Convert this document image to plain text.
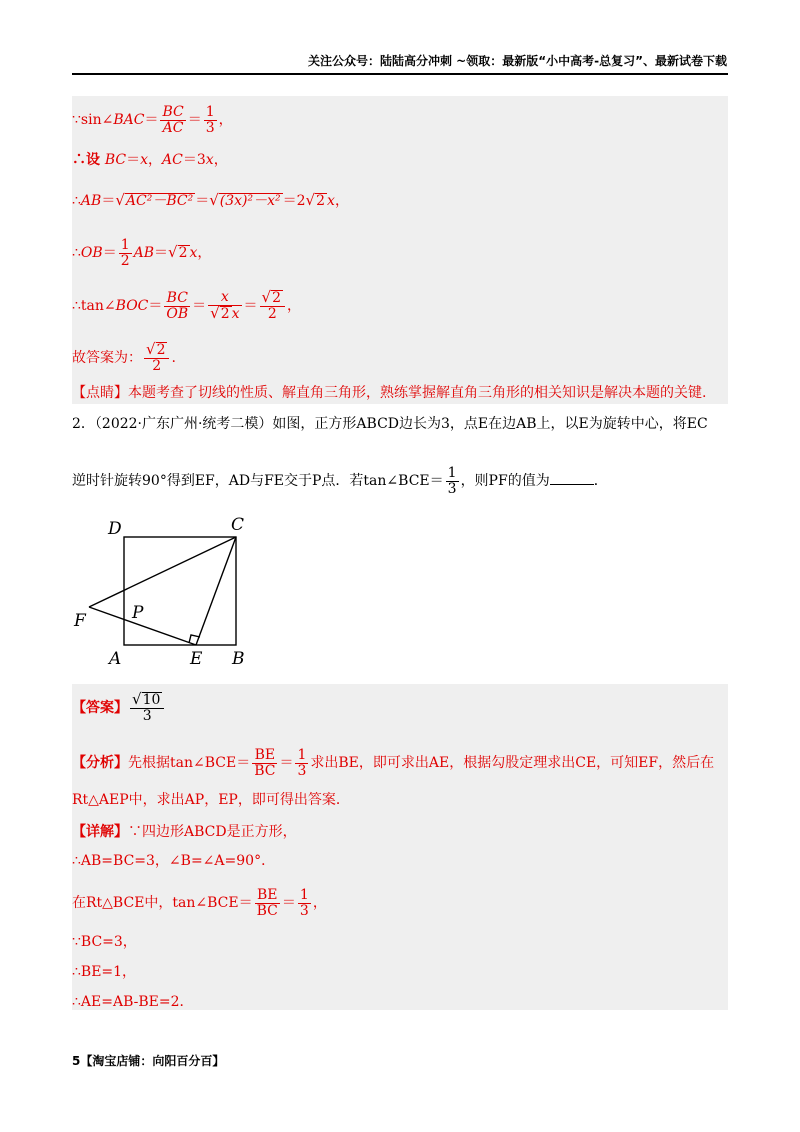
关注公众号：陆陆高分冲刺 ~领取：最新版“小中高考-总复习”、最新试卷下载
∵sin∠BAC＝ $\frac{BC}{AC} = \frac{1}{3}$ ，
∴设 BC＝x，AC＝3x，
∴AB＝√AC²－BC² ＝√(3x)²－x² ＝2√2 x，
∴OB＝ $\frac{1}{2} AB=√2$ x，
∴tan∠BOC＝ $\frac{BC}{OB} = \frac{x}{√2 x} = \frac{√2}{2}$ ，
故答案为： $\frac{√2}{2}$ .
【点睛】本题考查了切线的性质、解直角三角形，熟练掌握解直角三角形的相关知识是解决本题的关键.
2．（2022·广东广州·统考二模）如图，正方形ABCD边长为3，点E在边AB上，以E为旋转中心，将EC
逆时针旋转90°得到EF，AD与FE交于P点．若tan∠BCE＝ $\frac{1}{3}$ ，则PF的值为	．
D	C
F	P
A	E B
【答案】 $\frac{√10}{3}$
【分析】先根据tan∠BCE＝ $\frac{BE}{BC} = \frac{1}{3}$ 求出BE，即可求出AE，根据勾股定理求出CE，可知EF，然后在
Rt△AEP中，求出AP，EP，即可得出答案．
【详解】∵四边形ABCD是正方形，
∴AB=BC=3，∠B=∠A=90°．
在Rt△BCE中，tan∠BCE＝ $\frac{BE}{BC} = \frac{1}{3}$ ，
∵BC=3，
∴BE=1，
∴AE=AB-BE=2．
5【淘宝店铺：向阳百分百】
